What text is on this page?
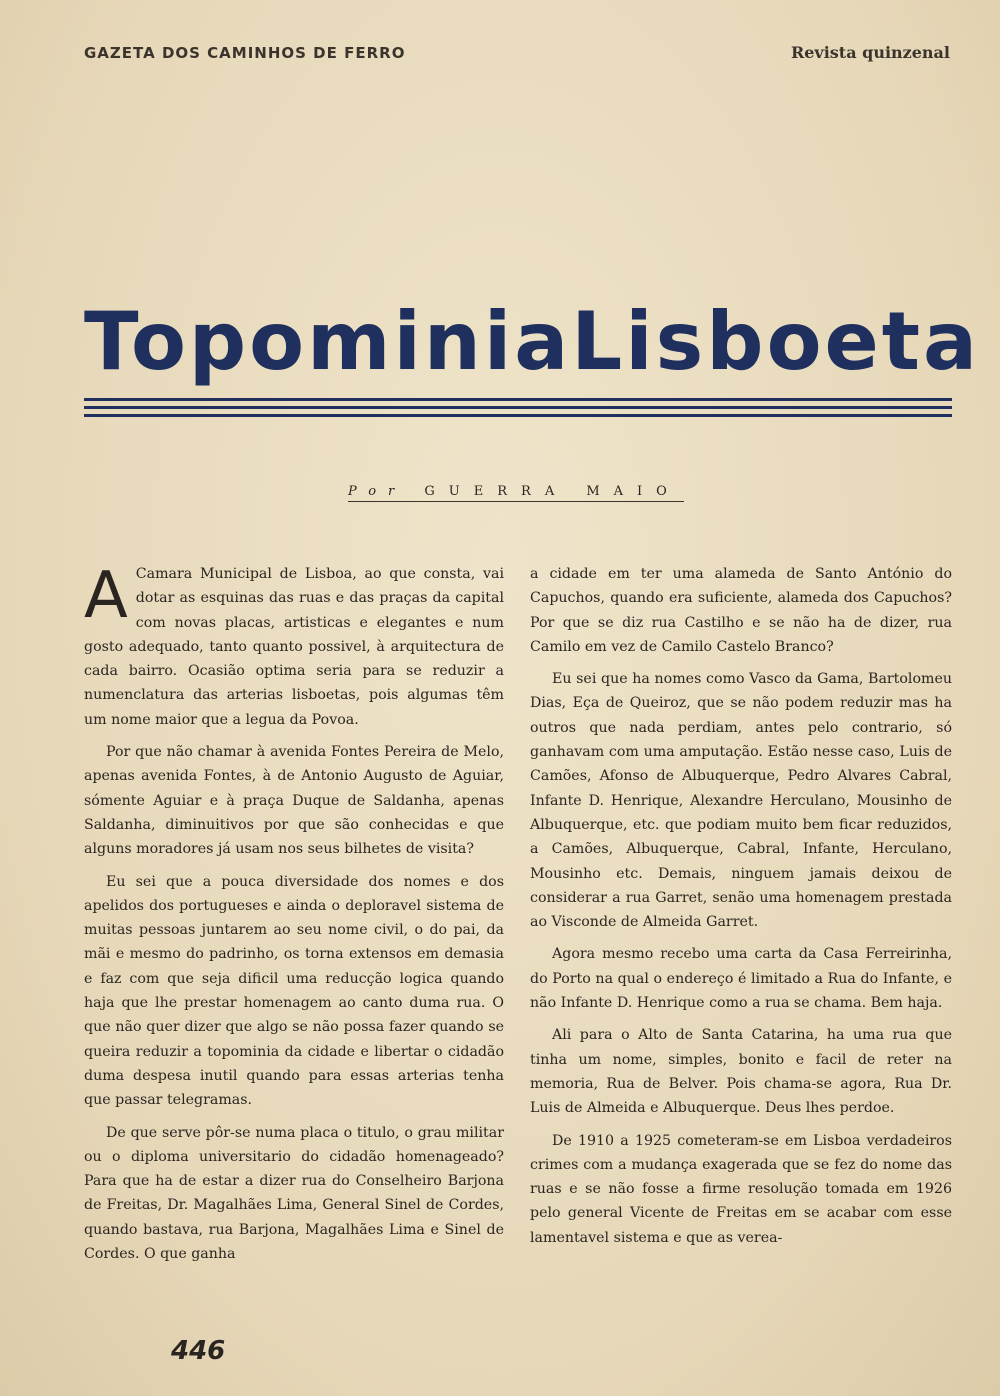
GAZETA DOS CAMINHOS DE FERRO	Revista quinzenal
Topominia Lisboeta
Por GUERRA MAIO

A Camara Municipal de Lisboa, ao que consta, vai dotar as esquinas das ruas e das praças da capital com novas placas, artisticas e elegantes e num gosto adequado, tanto quanto possivel, à arquitectura de cada bairro. Ocasião optima seria para se reduzir a numenclatura das arterias lisboetas, pois algumas têm um nome maior que a legua da Povoa.

Por que não chamar à avenida Fontes Pereira de Melo, apenas avenida Fontes, à de Antonio Augusto de Aguiar, sómente Aguiar e à praça Duque de Saldanha, apenas Saldanha, diminuitivos por que são conhecidas e que alguns moradores já usam nos seus bilhetes de visita?

Eu sei que a pouca diversidade dos nomes e dos apelidos dos portugueses e ainda o deploravel sistema de muitas pessoas juntarem ao seu nome civil, o do pai, da mãi e mesmo do padrinho, os torna extensos em demasia e faz com que seja dificil uma reducção logica quando haja que lhe prestar homenagem ao canto duma rua. O que não quer dizer que algo se não possa fazer quando se queira reduzir a topominia da cidade e libertar o cidadão duma despesa inutil quando para essas arterias tenha que passar telegramas.

De que serve pôr-se numa placa o titulo, o grau militar ou o diploma universitario do cidadão homenageado? Para que ha de estar a dizer rua do Conselheiro Barjona de Freitas, Dr. Magalhães Lima, General Sinel de Cordes, quando bastava, rua Barjona, Magalhães Lima e Sinel de Cordes. O que ganha

a cidade em ter uma alameda de Santo António do Capuchos, quando era suficiente, alameda dos Capuchos? Por que se diz rua Castilho e se não ha de dizer, rua Camilo em vez de Camilo Castelo Branco?

Eu sei que ha nomes como Vasco da Gama, Bartolomeu Dias, Eça de Queiroz, que se não podem reduzir mas ha outros que nada perdiam, antes pelo contrario, só ganhavam com uma amputação. Estão nesse caso, Luis de Camões, Afonso de Albuquerque, Pedro Alvares Cabral, Infante D. Henrique, Alexandre Herculano, Mousinho de Albuquerque, etc. que podiam muito bem ficar reduzidos, a Camões, Albuquerque, Cabral, Infante, Herculano, Mousinho etc. Demais, ninguem jamais deixou de considerar a rua Garret, senão uma homenagem prestada ao Visconde de Almeida Garret.

Agora mesmo recebo uma carta da Casa Ferreirinha, do Porto na qual o endereço é limitado a Rua do Infante, e não Infante D. Henrique como a rua se chama. Bem haja.

Ali para o Alto de Santa Catarina, ha uma rua que tinha um nome, simples, bonito e facil de reter na memoria, Rua de Belver. Pois chama-se agora, Rua Dr. Luis de Almeida e Albuquerque. Deus lhes perdoe.

De 1910 a 1925 cometeram-se em Lisboa verdadeiros crimes com a mudança exagerada que se fez do nome das ruas e se não fosse a firme resolução tomada em 1926 pelo general Vicente de Freitas em se acabar com esse lamentavel sistema e que as verea-

446
